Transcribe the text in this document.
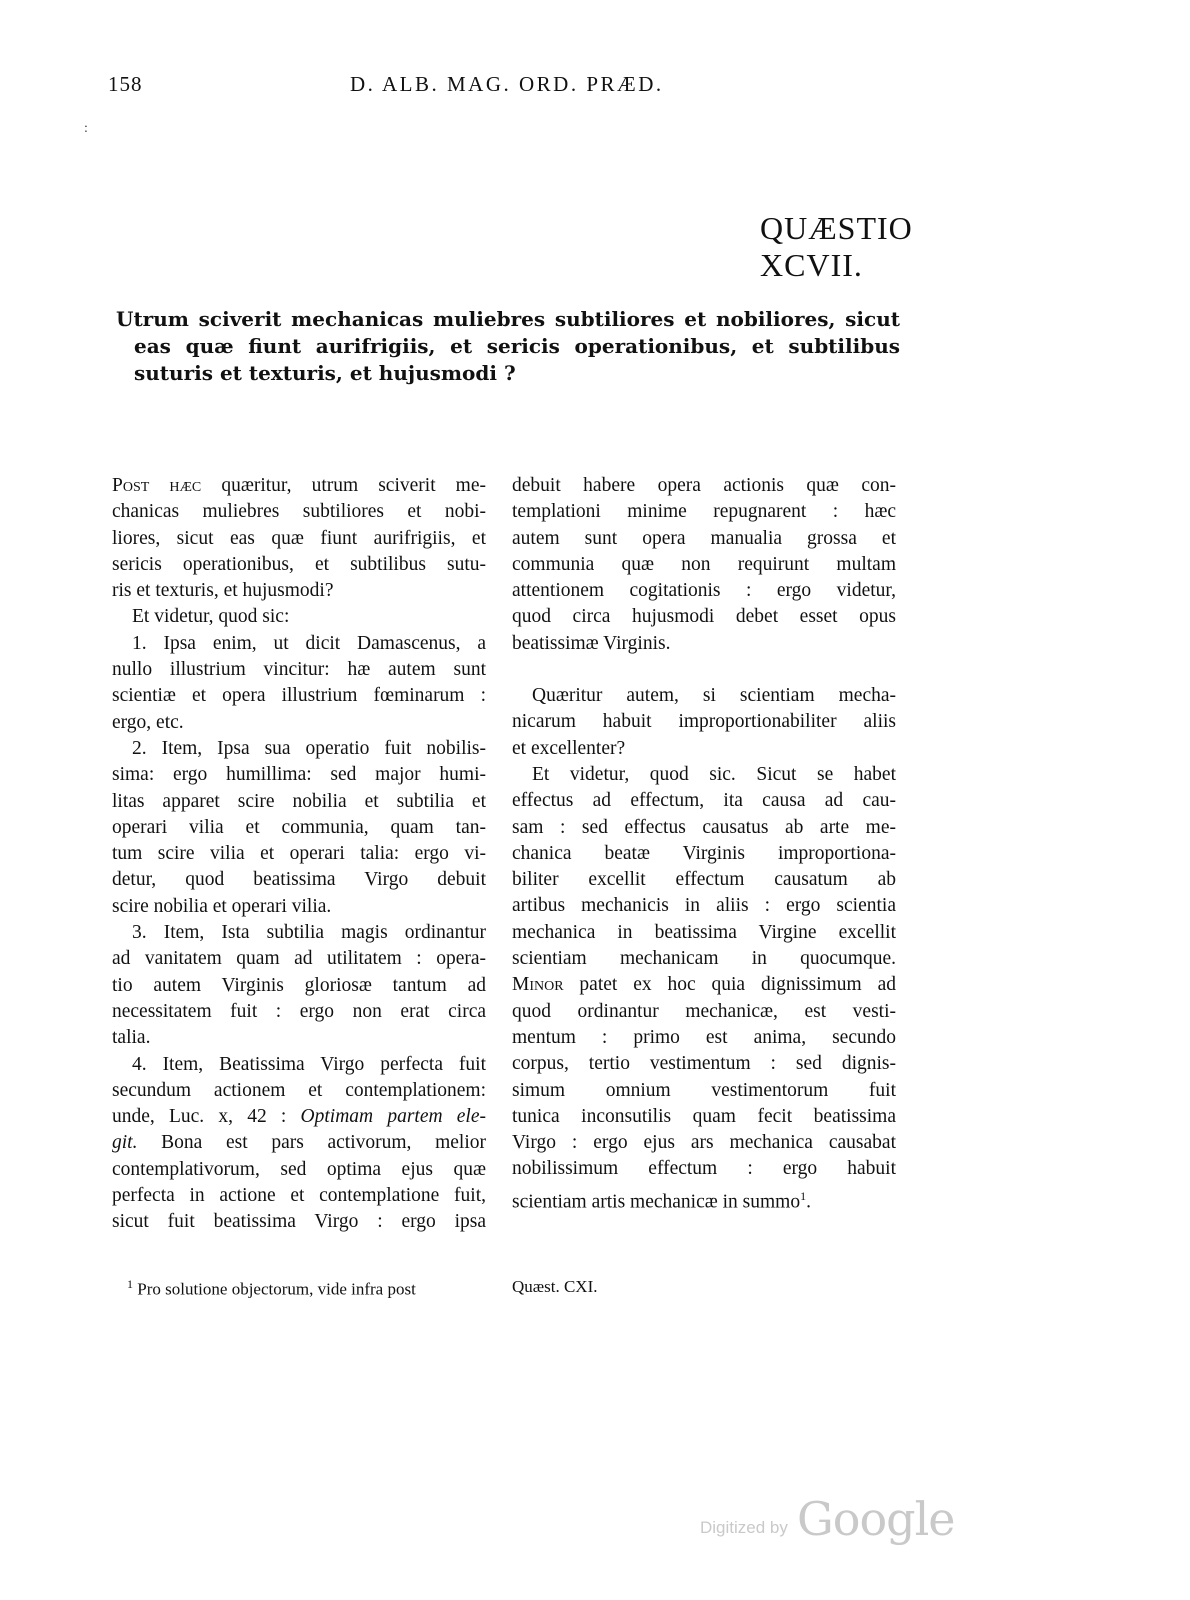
158	D. ALB. MAG. ORD. PRÆD.
:
QUÆSTIO XCVII.
Utrum sciverit mechanicas muliebres subtiliores et nobiliores, sicut
eas quæ fiunt aurifrigiis, et sericis operationibus, et subtilibus
suturis et texturis, et hujusmodi ?
Post hæc quæritur, utrum sciverit me-
chanicas muliebres subtiliores et nobi-
liores, sicut eas quæ fiunt aurifrigiis, et
sericis operationibus, et subtilibus sutu-
ris et texturis, et hujusmodi?
Et videtur, quod sic:
1. Ipsa enim, ut dicit Damascenus, a
nullo illustrium vincitur: hæ autem sunt
scientiæ et opera illustrium fœminarum :
ergo, etc.
2. Item, Ipsa sua operatio fuit nobilis-
sima: ergo humillima: sed major humi-
litas apparet scire nobilia et subtilia et
operari vilia et communia, quam tan-
tum scire vilia et operari talia: ergo vi-
detur, quod beatissima Virgo debuit
scire nobilia et operari vilia.
3. Item, Ista subtilia magis ordinantur
ad vanitatem quam ad utilitatem : opera-
tio autem Virginis gloriosæ tantum ad
necessitatem fuit : ergo non erat circa
talia.
4. Item, Beatissima Virgo perfecta fuit
secundum actionem et contemplationem:
unde, Luc. x, 42 : Optimam partem ele-
git. Bona est pars activorum, melior
contemplativorum, sed optima ejus quæ
perfecta in actione et contemplatione fuit,
sicut fuit beatissima Virgo : ergo ipsa
debuit habere opera actionis quæ con-
templationi minime repugnarent : hæc
autem sunt opera manualia grossa et
communia quæ non requirunt multam
attentionem cogitationis : ergo videtur,
quod circa hujusmodi debet esset opus
beatissimæ Virginis.
Quæritur autem, si scientiam mecha-
nicarum habuit improportionabiliter aliis
et excellenter?
Et videtur, quod sic. Sicut se habet
effectus ad effectum, ita causa ad cau-
sam : sed effectus causatus ab arte me-
chanica beatæ Virginis improportiona-
biliter excellit effectum causatum ab
artibus mechanicis in aliis : ergo scientia
mechanica in beatissima Virgine excellit
scientiam mechanicam in quocumque.
Minor patet ex hoc quia dignissimum ad
quod ordinantur mechanicæ, est vesti-
mentum : primo est anima, secundo
corpus, tertio vestimentum : sed dignis-
simum omnium vestimentorum fuit
tunica inconsutilis quam fecit beatissima
Virgo : ergo ejus ars mechanica causabat
nobilissimum effectum : ergo habuit
scientiam artis mechanicæ in summo$^1$.
$^1$ Pro solutione objectorum, vide infra post	Quæst. CXI.
Digitized by Google
